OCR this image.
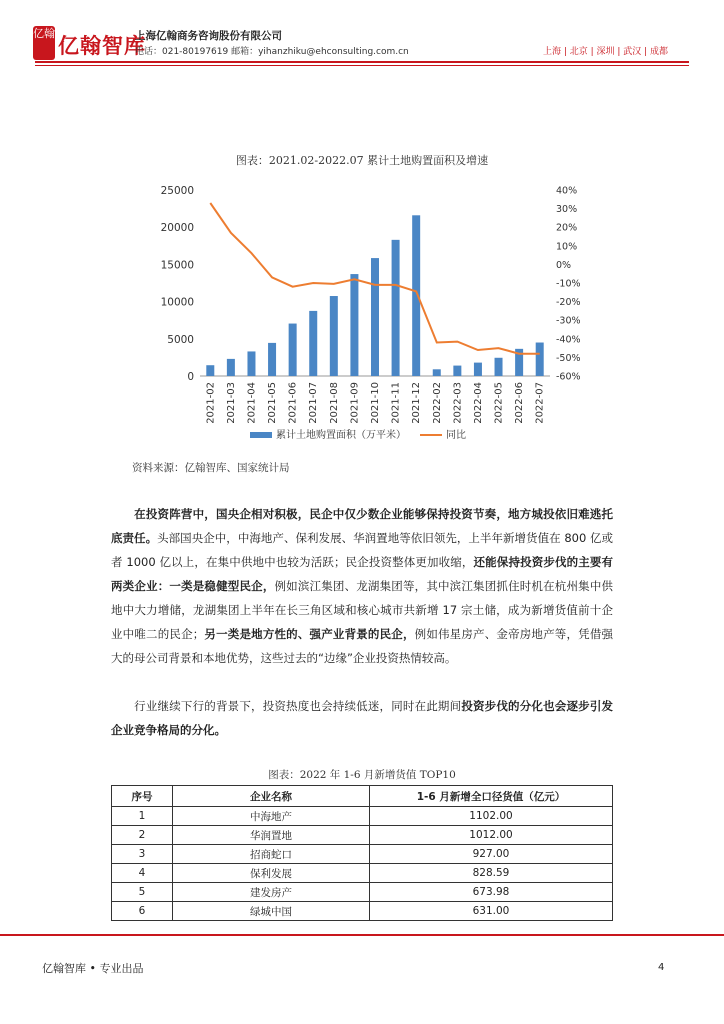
亿翰
亿翰智库
上海亿翰商务咨询股份有限公司
电话：021-80197619 邮箱：yihanzhiku@ehconsulting.com.cn	上海 | 北京 | 深圳 | 武汉 | 成都
图表：2021.02-2022.07 累计土地购置面积及增速
0
5000
10000
15000
20000
25000
-60%
-50%
-40%
-30%
-20%
-10%
0%
10%
20%
30%
40%
2021-02 2021-03 2021-04 2021-05 2021-06 2021-07 2021-08 2021-09 2021-10 2021-11 2021-12 2022-02 2022-03 2022-04 2022-05 2022-06 2022-07
累计土地购置面积（万平米）	同比
资料来源：亿翰智库、国家统计局
在投资阵营中，国央企相对积极，民企中仅少数企业能够保持投资节奏，地方城投依旧难逃托底责任。头部国央企中，中海地产、保利发展、华润置地等依旧领先，上半年新增货值在 800 亿或者 1000 亿以上，在集中供地中也较为活跃；民企投资整体更加收缩，还能保持投资步伐的主要有两类企业：一类是稳健型民企，例如滨江集团、龙湖集团等，其中滨江集团抓住时机在杭州集中供地中大力增储，龙湖集团上半年在长三角区域和核心城市共新增 17 宗土储，成为新增货值前十企业中唯二的民企；另一类是地方性的、强产业背景的民企，例如伟星房产、金帝房地产等，凭借强大的母公司背景和本地优势，这些过去的“边缘”企业投资热情较高。
行业继续下行的背景下，投资热度也会持续低迷，同时在此期间投资步伐的分化也会逐步引发企业竞争格局的分化。
图表：2022 年 1-6 月新增货值 TOP10
序号	企业名称	1-6 月新增全口径货值（亿元）
1	中海地产	1102.00
2	华润置地	1012.00
3	招商蛇口	927.00
4	保利发展	828.59
5	建发房产	673.98
6	绿城中国	631.00
亿翰智库 • 专业出品	4
